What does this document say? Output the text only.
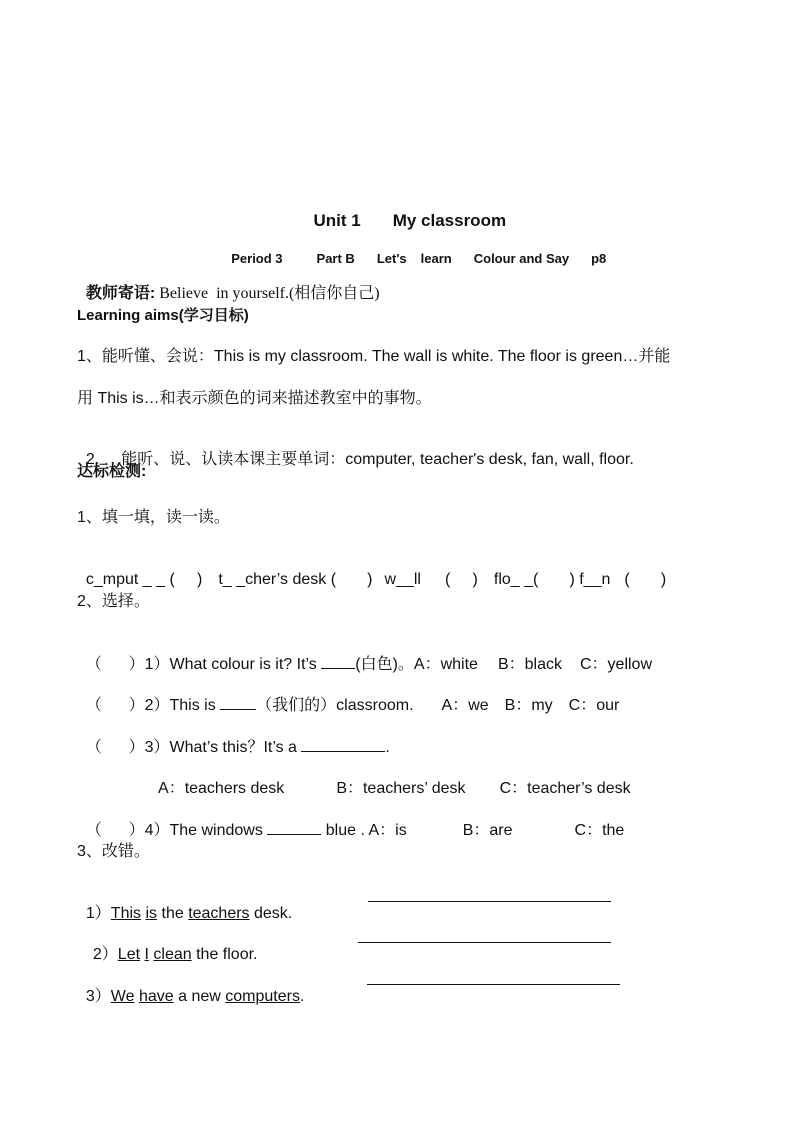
Unit 1 My classroom

Period 3	Part B Let's learn Colour and Say p8

教师寄语: Believe  in yourself.(相信你自己)

Learning aims(学习目标)
1、能听懂、会说：This is my classroom. The wall is white. The floor is green…并能
用 This is…和表示颜色的词来描述教室中的事物。

2. 能听、说、认读本课主要单词：computer, teacher's desk, fan, wall, floor.

达标检测:
1、填一填，读一读。

c_mput _ _ (     ) t_ _cher’s desk (       ) w__ll (     ) flo_ _(       ) f__n (       )

2、选择。

（      ）1）What colour is it? It’s (白色)。A：white B：black C：yellow

（      ）2）This is （我们的）classroom. A：we B：my C：our

（      ）3）What’s this？It’s a	.

A：teachers desk	B：teachers’ desk C：teacher’s desk

（      ）4）The windows	blue . A：is	B：are	C：the

3、改错。

1）This is the teachers desk.

2）Let I clean the floor.

3）We have a new computers.
